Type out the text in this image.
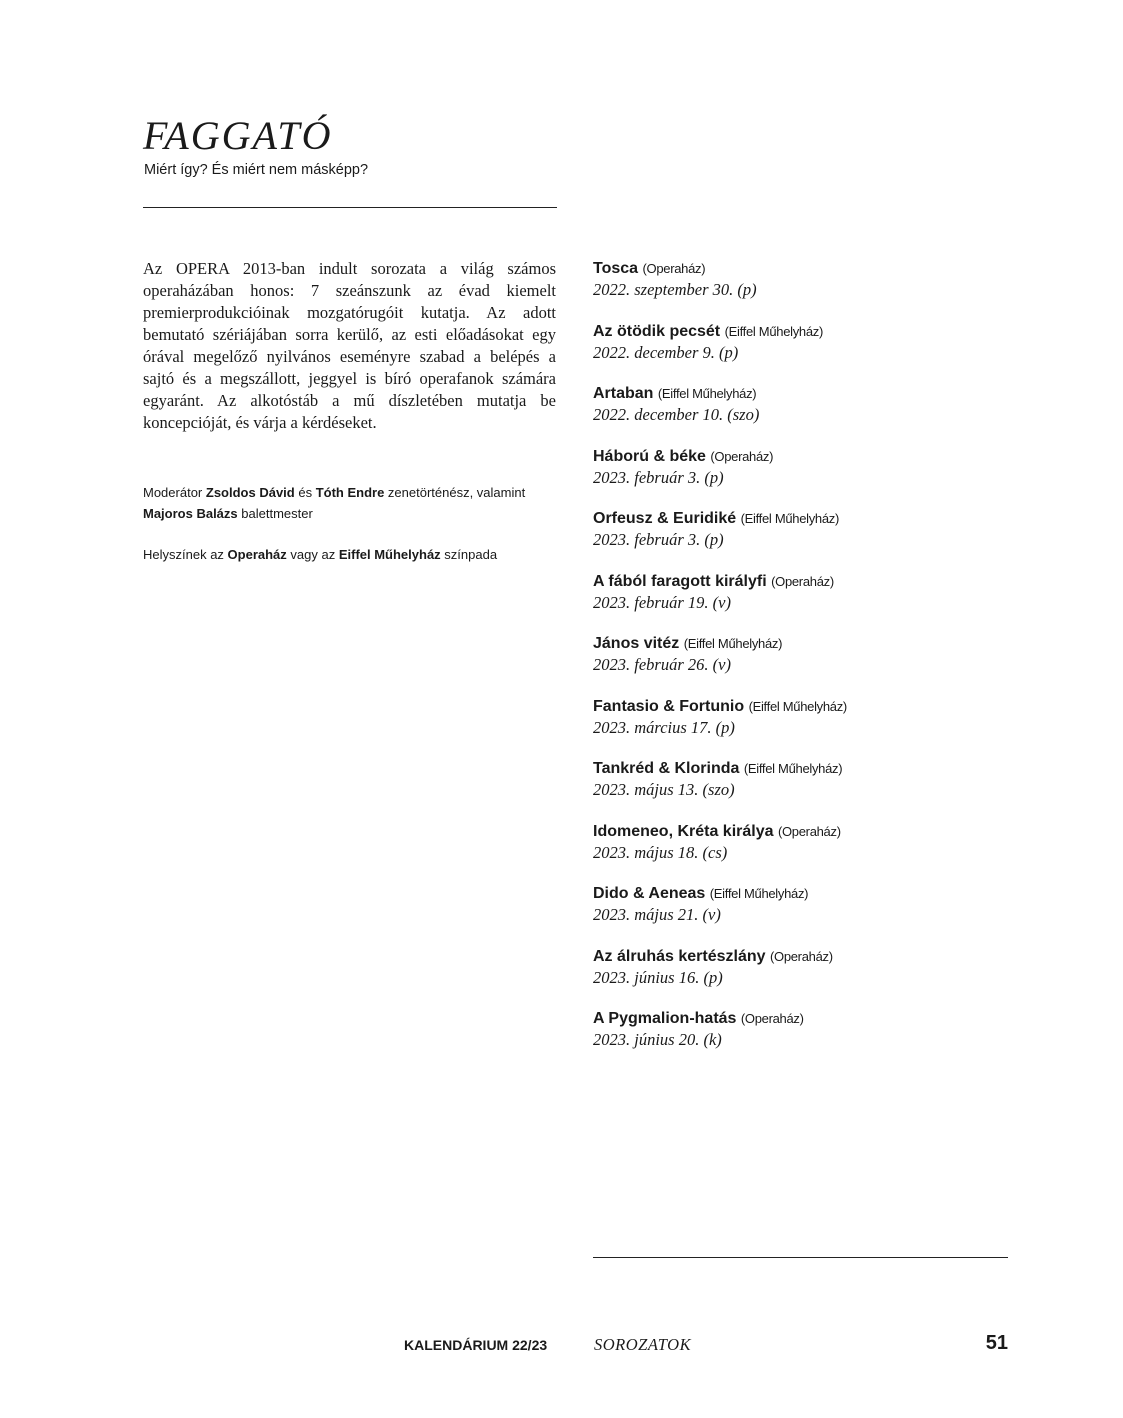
FAGGATÓ
Miért így? És miért nem másképp?

Az OPERA 2013-ban indult sorozata a világ számos operaházában honos: 7 szeánszunk az évad kiemelt premierprodukcióinak mozgatórugóit kutatja. Az adott bemutató szériájában sorra kerülő, az esti előadásokat egy órával megelőző nyilvános eseményre szabad a belépés a sajtó és a megszállott, jeggyel is bíró operafanok számára egyaránt. Az alkotóstáb a mű díszletében mutatja be koncepcióját, és várja a kérdéseket.

Moderátor Zsoldos Dávid és Tóth Endre zenetörténész, valamint
Majoros Balázs balettmester

Helyszínek az Operaház vagy az Eiffel Műhelyház színpada

Tosca (Operaház)
2022. szeptember 30. (p)
Az ötödik pecsét (Eiffel Műhelyház)
2022. december 9. (p)
Artaban (Eiffel Műhelyház)
2022. december 10. (szo)
Háború & béke (Operaház)
2023. február 3. (p)
Orfeusz & Euridiké (Eiffel Műhelyház)
2023. február 3. (p)
A fából faragott királyfi (Operaház)
2023. február 19. (v)
János vitéz (Eiffel Műhelyház)
2023. február 26. (v)
Fantasio & Fortunio (Eiffel Műhelyház)
2023. március 17. (p)
Tankréd & Klorinda (Eiffel Műhelyház)
2023. május 13. (szo)
Idomeneo, Kréta királya (Operaház)
2023. május 18. (cs)
Dido & Aeneas (Eiffel Műhelyház)
2023. május 21. (v)
Az álruhás kertészlány (Operaház)
2023. június 16. (p)
A Pygmalion-hatás (Operaház)
2023. június 20. (k)
KALENDÁRIUM 22/23	SOROZATOK	51
